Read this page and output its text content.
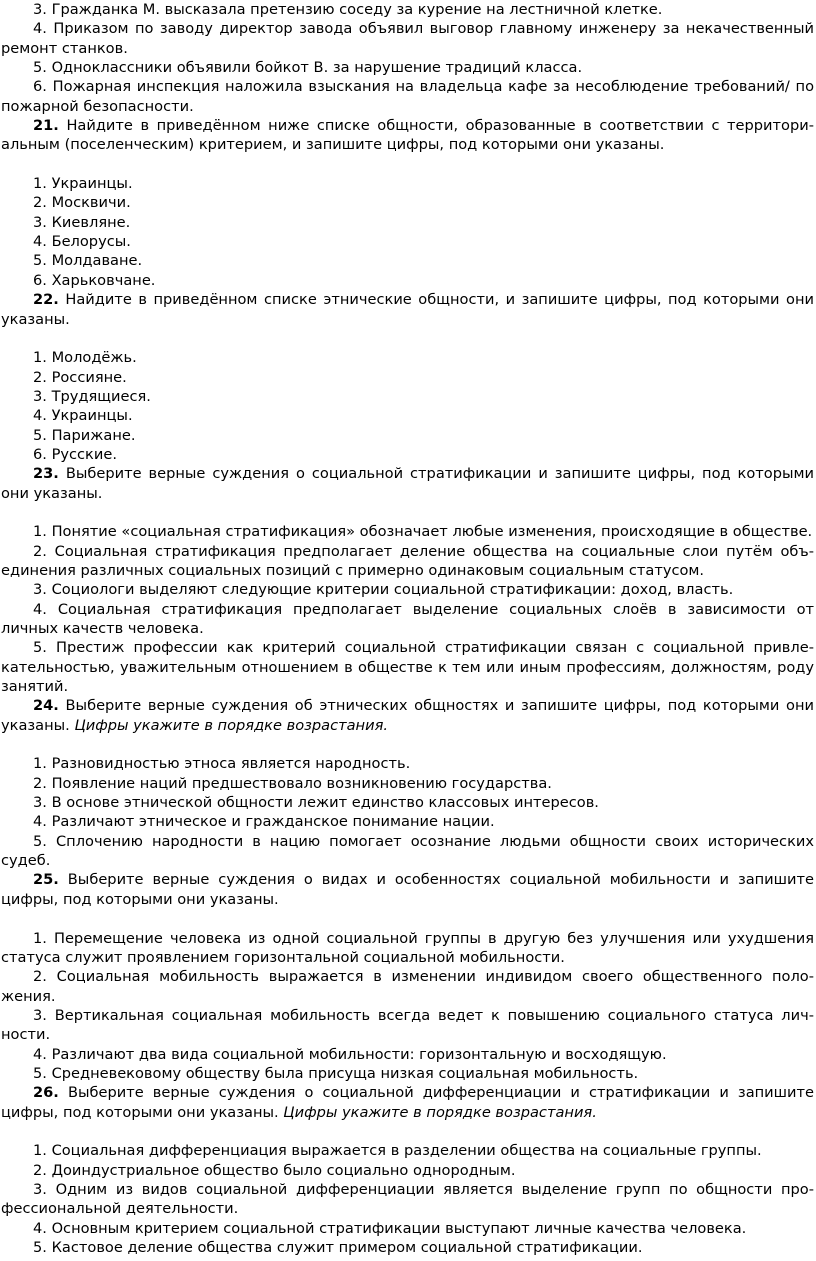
3. Гражданка М. высказала претензию соседу за курение на лестничной клетке.

4. Приказом по заводу директор завода объявил выговор главному инженеру за некачественный ремонт станков.

5. Одноклассники объявили бойкот В. за нарушение традиций класса.

6. Пожарная инспекция наложила взыскания на владельца кафе за несоблюдение требований/ по пожарной безопасности.

21. Найдите в приведённом ниже списке общности, образованные в соответствии с территориальным (поселенческим) критерием, и запишите цифры, под которыми они указаны.

1. Украинцы.

2. Москвичи.

3. Киевляне.

4. Белорусы.

5. Молдаване.

6. Харьковчане.

22. Найдите в приведённом списке этнические общности, и запишите цифры, под которыми они указаны.

1. Молодёжь.

2. Россияне.

3. Трудящиеся.

4. Украинцы.

5. Парижане.

6. Русские.

23. Выберите верные суждения о социальной стратификации и запишите цифры, под которыми они указаны.

1. Понятие «социальная стратификация» обозначает любые изменения, происходящие в обществе.

2. Социальная стратификация предполагает деление общества на социальные слои путём объединения различных социальных позиций с примерно одинаковым социальным статусом.

3. Социологи выделяют следующие критерии социальной стратификации: доход, власть.

4. Социальная стратификация предполагает выделение социальных слоёв в зависимости от личных качеств человека.

5. Престиж профессии как критерий социальной стратификации связан с социальной привлекательностью, уважительным отношением в обществе к тем или иным профессиям, должностям, роду занятий.

24. Выберите верные суждения об этнических общностях и запишите цифры, под которыми они указаны. Цифры укажите в порядке возрастания.

1. Разновидностью этноса является народность.

2. Появление наций предшествовало возникновению государства.

3. В основе этнической общности лежит единство классовых интересов.

4. Различают этническое и гражданское понимание нации.

5. Сплочению народности в нацию помогает осознание людьми общности своих исторических судеб.

25. Выберите верные суждения о видах и особенностях социальной мобильности и запишите цифры, под которыми они указаны.

1. Перемещение человека из одной социальной группы в другую без улучшения или ухудшения статуса служит проявлением горизонтальной социальной мобильности.

2. Социальная мобильность выражается в изменении индивидом своего общественного положения.

3. Вертикальная социальная мобильность всегда ведет к повышению социального статуса личности.

4. Различают два вида социальной мобильности: горизонтальную и восходящую.

5. Средневековому обществу была присуща низкая социальная мобильность.

26. Выберите верные суждения о социальной дифференциации и стратификации и запишите цифры, под которыми они указаны. Цифры укажите в порядке возрастания.

1. Социальная дифференциация выражается в разделении общества на социальные группы.

2. Доиндустриальное общество было социально однородным.

3. Одним из видов социальной дифференциации является выделение групп по общности профессиональной деятельности.

4. Основным критерием социальной стратификации выступают личные качества человека.

5. Кастовое деление общества служит примером социальной стратификации.
